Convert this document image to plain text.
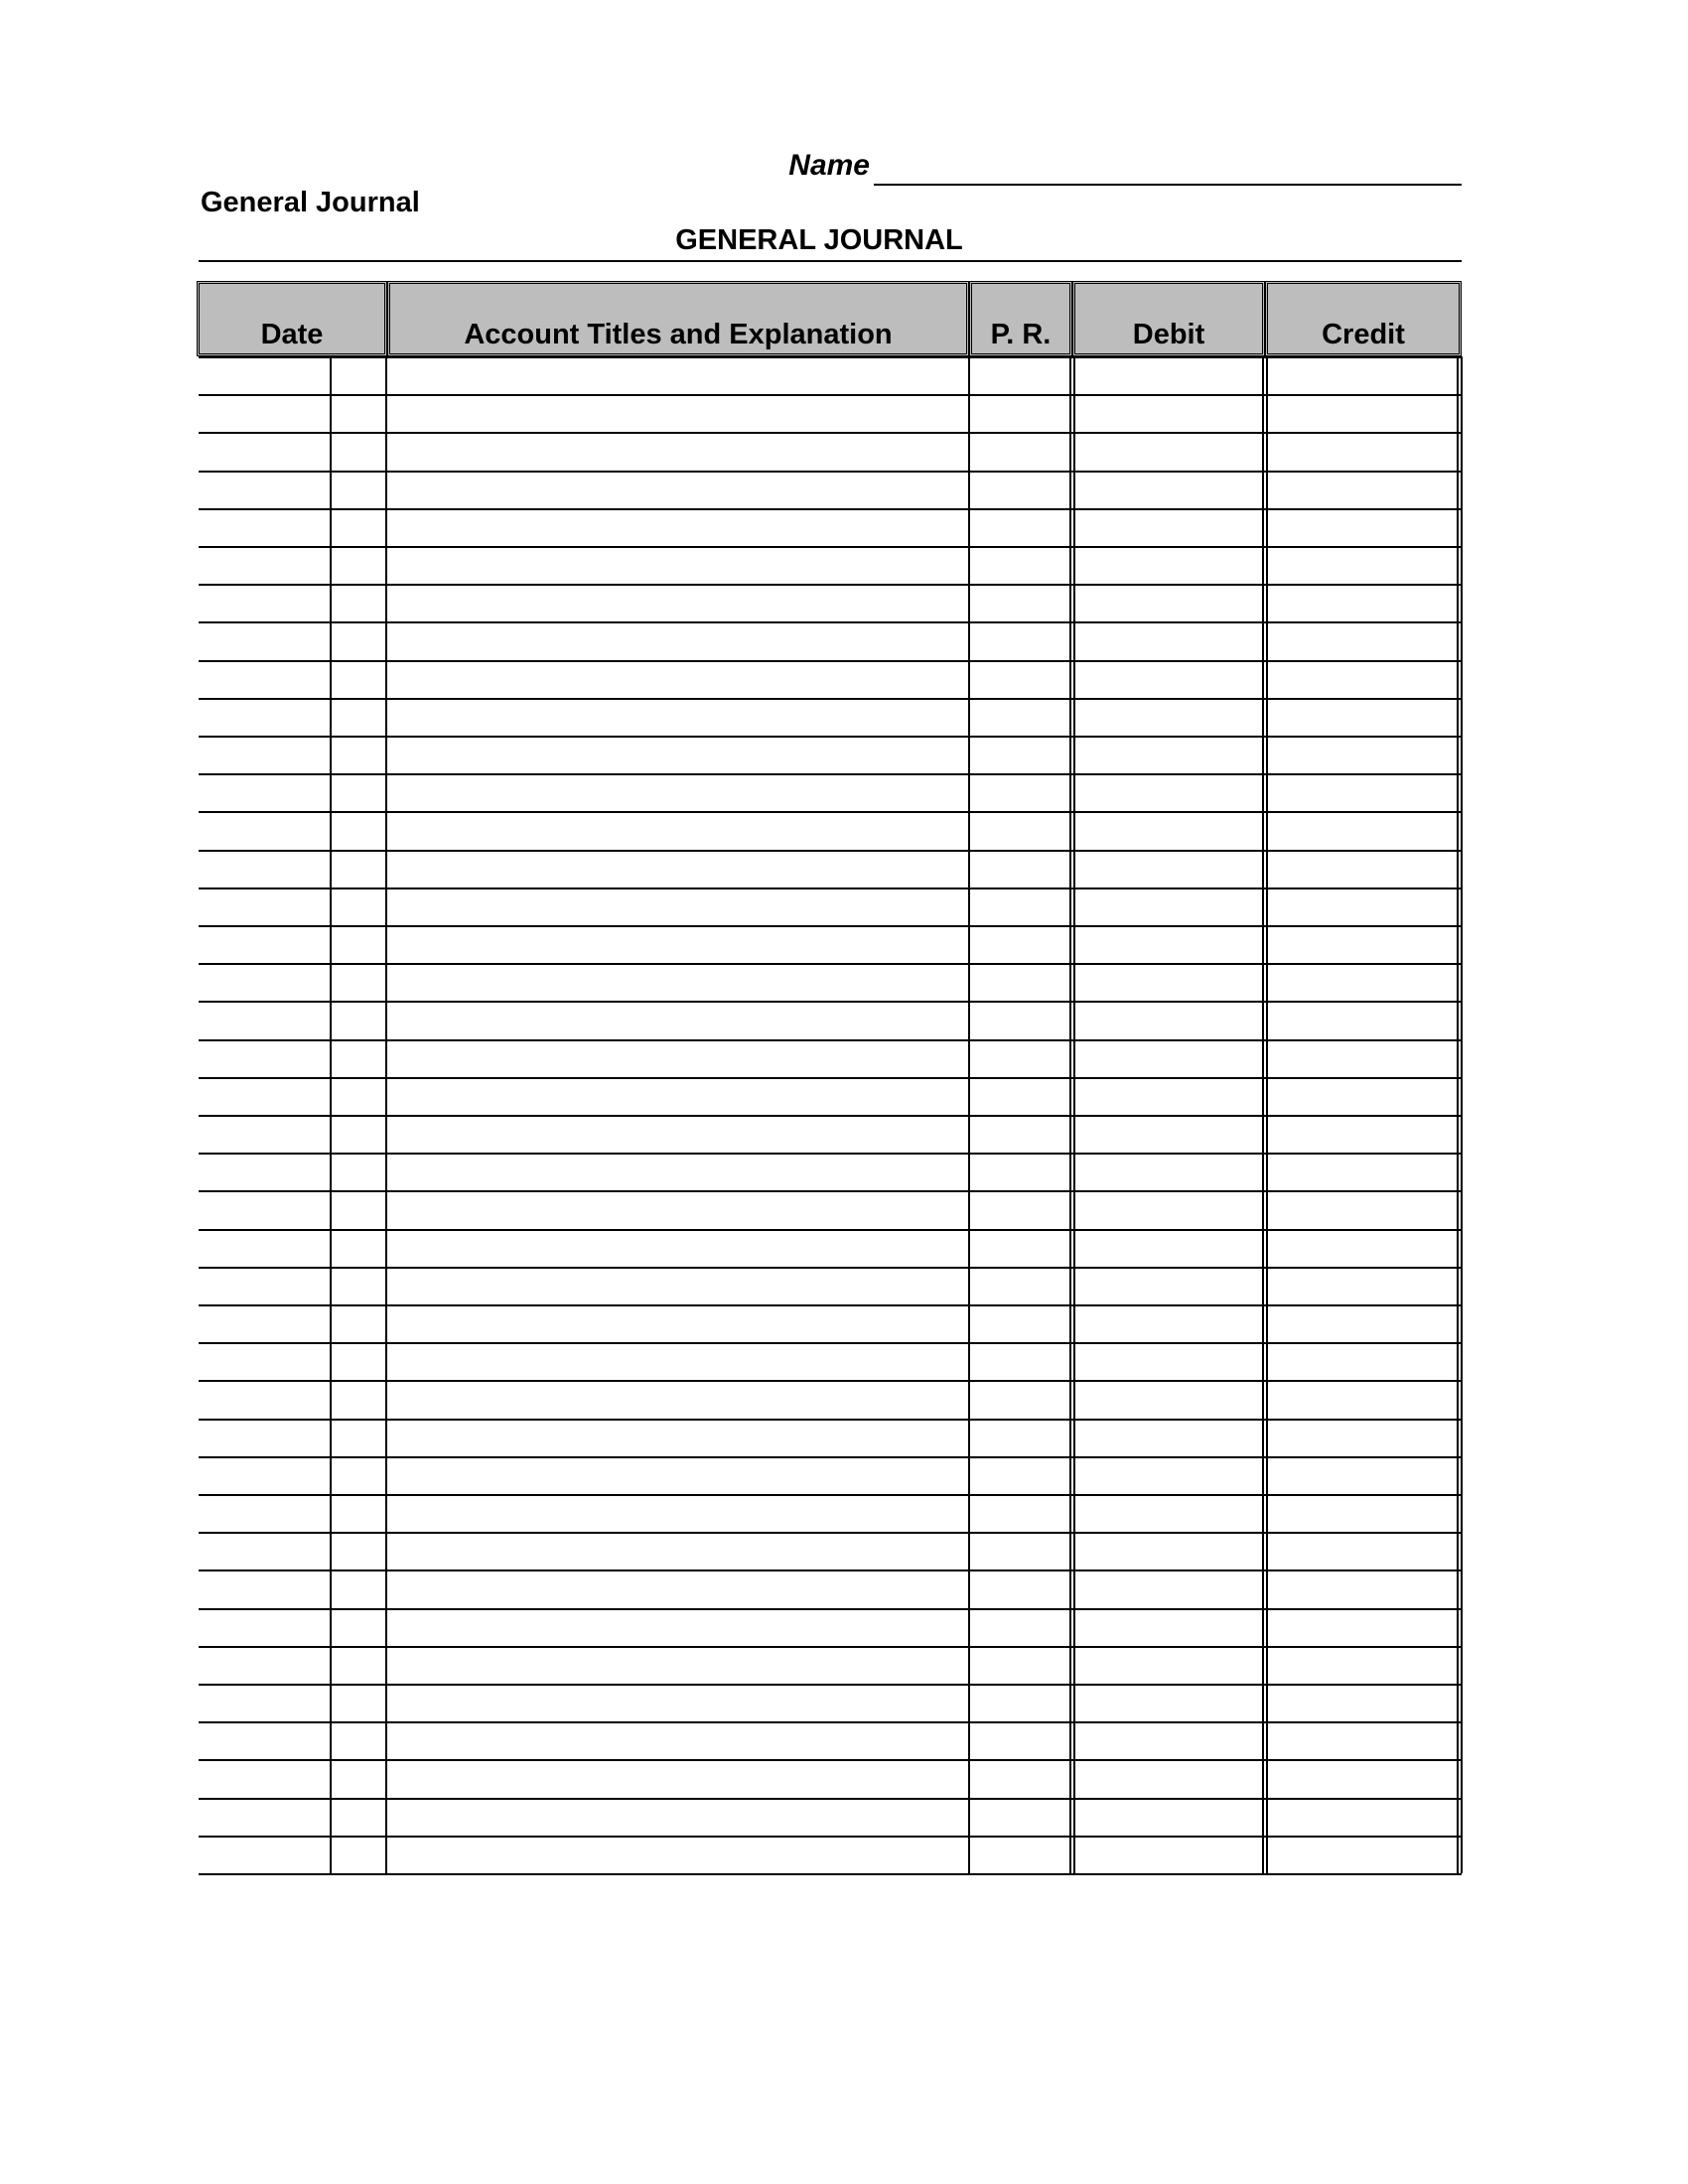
Name
General Journal
GENERAL JOURNAL
Date	Account Titles and Explanation	P. R.	Debit	Credit
